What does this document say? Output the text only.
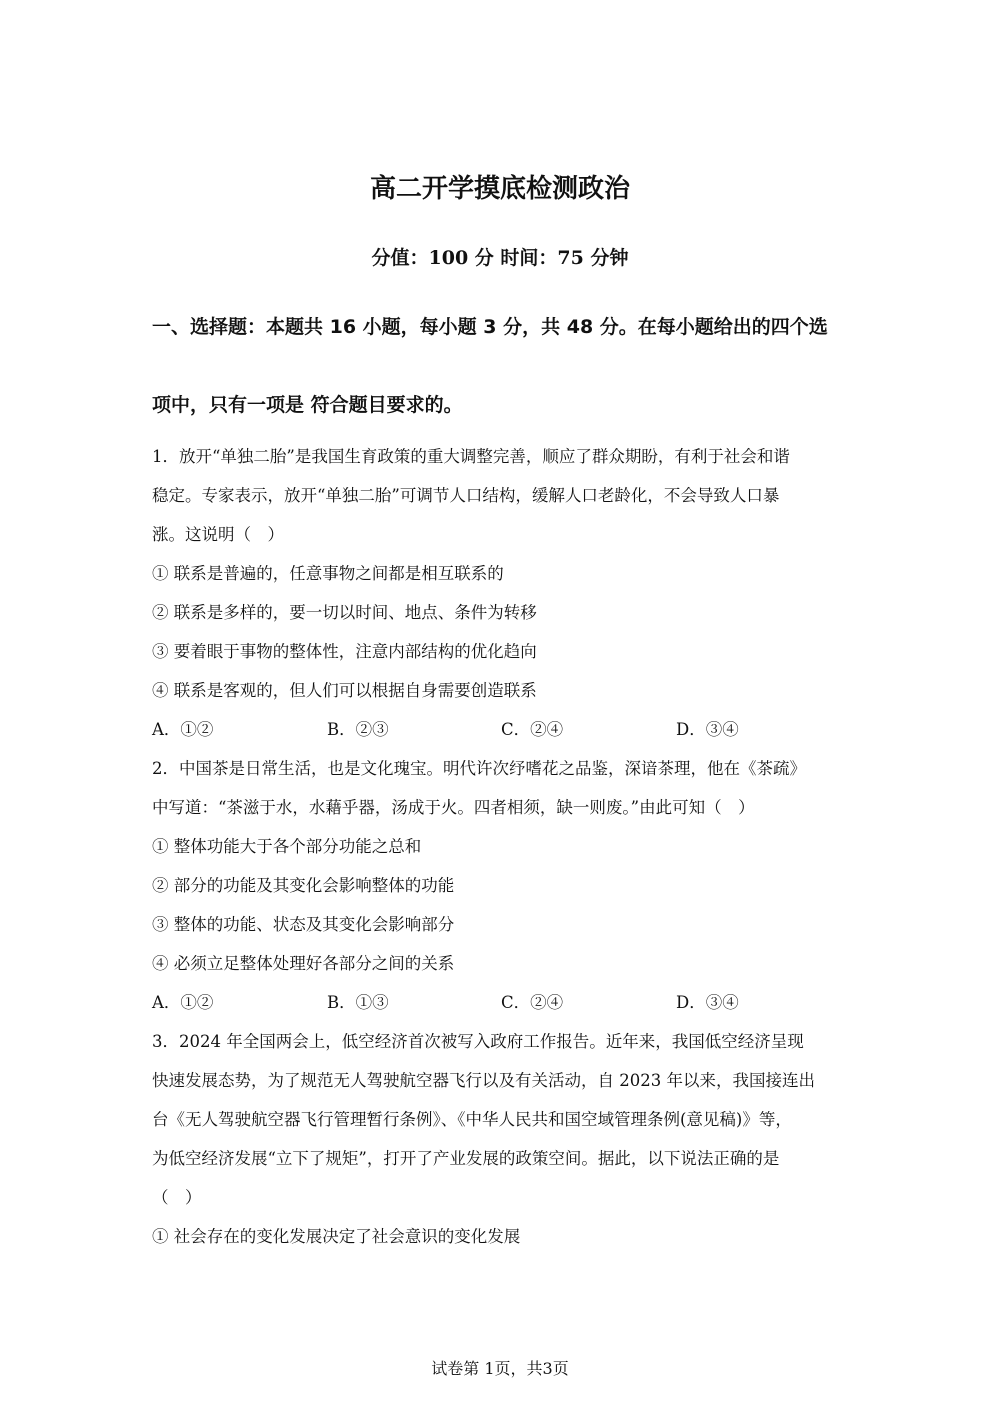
高二开学摸底检测政治
分值：100 分 时间：75 分钟
一、选择题：本题共 16 小题，每小题 3 分，共 48 分。在每小题给出的四个选
项中，只有一项是 符合题目要求的。
1．放开“单独二胎”是我国生育政策的重大调整完善，顺应了群众期盼，有利于社会和谐
稳定。专家表示，放开“单独二胎”可调节人口结构，缓解人口老龄化，不会导致人口暴
涨。这说明（　）
① 联系是普遍的，任意事物之间都是相互联系的
② 联系是多样的，要一切以时间、地点、条件为转移
③ 要着眼于事物的整体性，注意内部结构的优化趋向
④ 联系是客观的，但人们可以根据自身需要创造联系
A．①②	B．②③	C．②④	D．③④
2．中国茶是日常生活，也是文化瑰宝。明代许次纾嗜花之品鉴，深谙茶理，他在《茶疏》
中写道：“茶滋于水，水藉乎器，汤成于火。四者相须，缺一则废。”由此可知（　）
① 整体功能大于各个部分功能之总和
② 部分的功能及其变化会影响整体的功能
③ 整体的功能、状态及其变化会影响部分
④ 必须立足整体处理好各部分之间的关系
A．①②	B．①③	C．②④	D．③④
3．2024 年全国两会上，低空经济首次被写入政府工作报告。近年来，我国低空经济呈现
快速发展态势，为了规范无人驾驶航空器飞行以及有关活动，自 2023 年以来，我国接连出
台《无人驾驶航空器飞行管理暂行条例》、《中华人民共和国空域管理条例(意见稿)》等，
为低空经济发展“立下了规矩”，打开了产业发展的政策空间。据此，以下说法正确的是
（　）
① 社会存在的变化发展决定了社会意识的变化发展
试卷第 1页，共3页
